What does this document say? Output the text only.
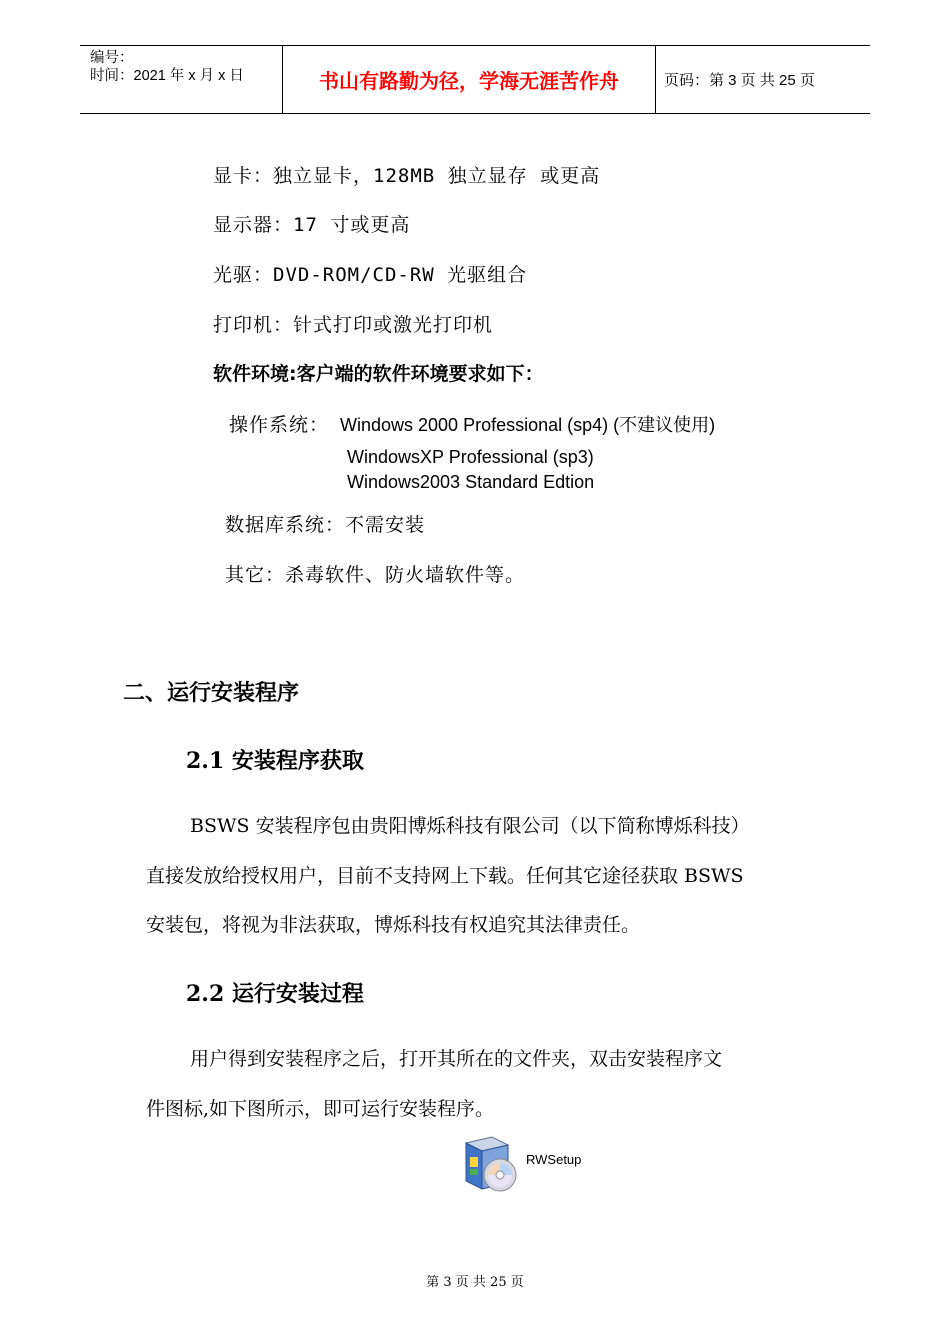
编号：
时间：2021 年 x 月 x 日	书山有路勤为径，学海无涯苦作舟	页码：第 3 页 共 25 页
显卡：独立显卡，128MB 独立显存 或更高
显示器：17 寸或更高
光驱：DVD-ROM/CD-RW 光驱组合
打印机：针式打印或激光打印机
软件环境:客户端的软件环境要求如下：
操作系统： Windows 2000 Professional (sp4) (不建议使用)
WindowsXP Professional (sp3)
Windows2003 Standard Edtion
数据库系统：不需安装
其它：杀毒软件、防火墙软件等。
二、运行安装程序
2.1 安装程序获取
BSWS 安装程序包由贵阳博烁科技有限公司（以下简称博烁科技）
直接发放给授权用户，目前不支持网上下载。任何其它途径获取 BSWS
安装包，将视为非法获取，博烁科技有权追究其法律责任。
2.2 运行安装过程
用户得到安装程序之后，打开其所在的文件夹，双击安装程序文
件图标,如下图所示，即可运行安装程序。
RWSetup
第 3 页 共 25 页
